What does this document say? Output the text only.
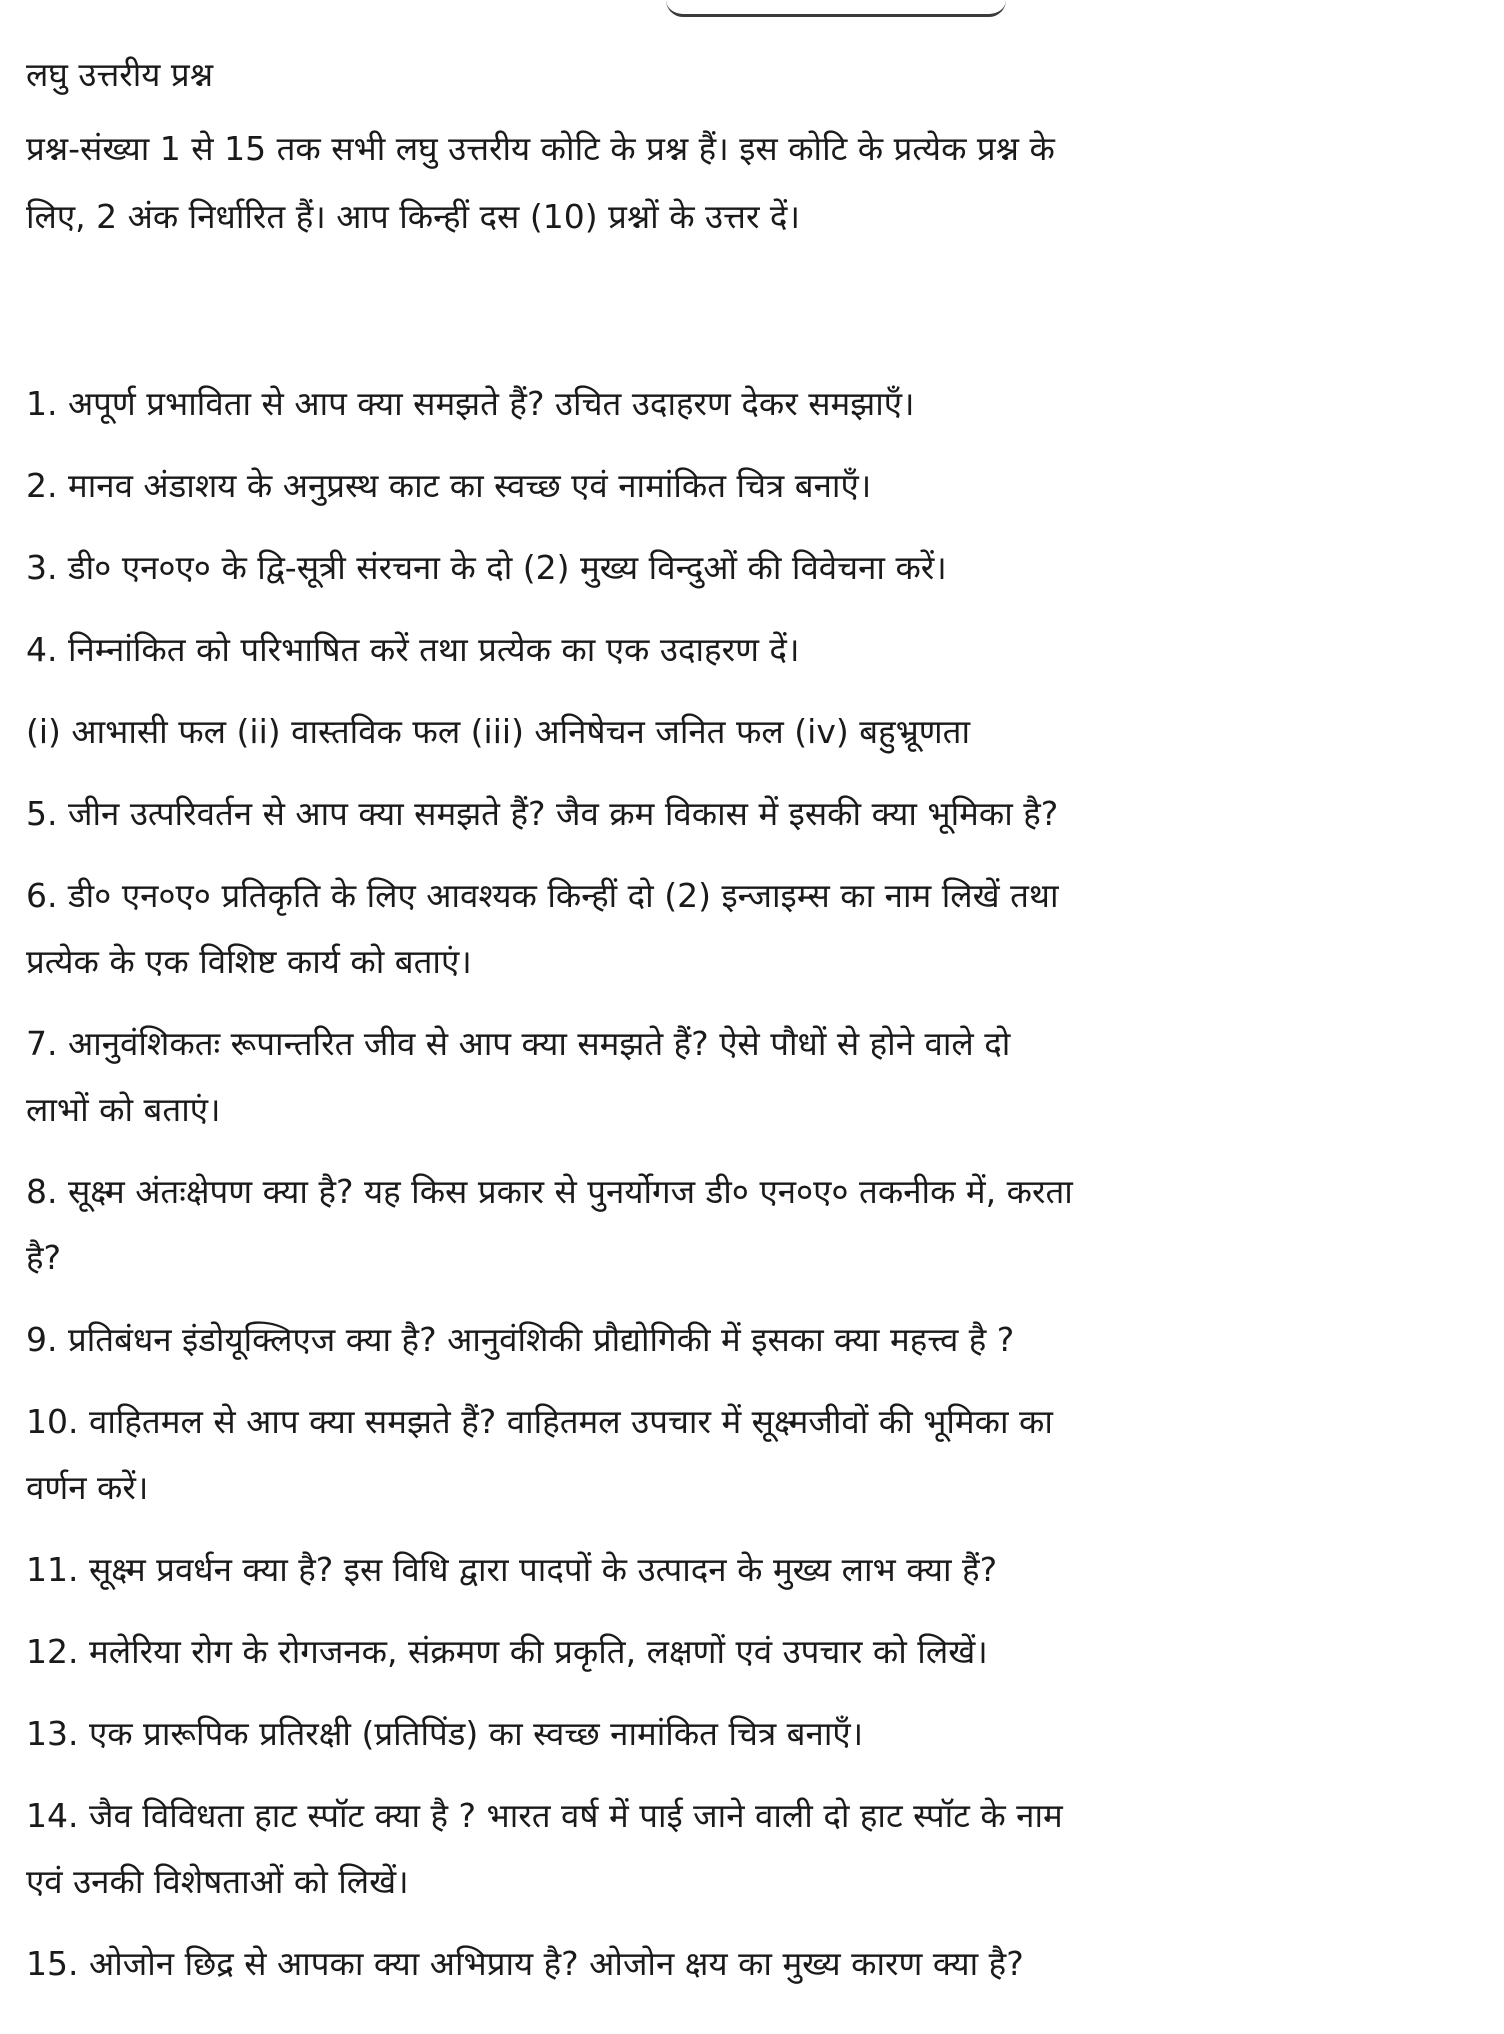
लघु उत्तरीय प्रश्न

प्रश्न-संख्या 1 से 15 तक सभी लघु उत्तरीय कोटि के प्रश्न हैं। इस कोटि के प्रत्येक प्रश्न के

लिए, 2 अंक निर्धारित हैं। आप किन्हीं दस (10) प्रश्नों के उत्तर दें।

1. अपूर्ण प्रभाविता से आप क्या समझते हैं? उचित उदाहरण देकर समझाएँ।

2. मानव अंडाशय के अनुप्रस्थ काट का स्वच्छ एवं नामांकित चित्र बनाएँ।

3. डी० एन०ए० के द्वि-सूत्री संरचना के दो (2) मुख्य विन्दुओं की विवेचना करें।

4. निम्नांकित को परिभाषित करें तथा प्रत्येक का एक उदाहरण दें।

(i) आभासी फल (ii) वास्तविक फल (iii) अनिषेचन जनित फल (iv) बहुभ्रूणता

5. जीन उत्परिवर्तन से आप क्या समझते हैं? जैव क्रम विकास में इसकी क्या भूमिका है?

6. डी० एन०ए० प्रतिकृति के लिए आवश्यक किन्हीं दो (2) इन्जाइम्स का नाम लिखें तथा

प्रत्येक के एक विशिष्ट कार्य को बताएं।

7. आनुवंशिकतः रूपान्तरित जीव से आप क्या समझते हैं? ऐसे पौधों से होने वाले दो

लाभों को बताएं।

8. सूक्ष्म अंतःक्षेपण क्या है? यह किस प्रकार से पुनर्योगज डी० एन०ए० तकनीक में, करता

है?

9. प्रतिबंधन इंडोयूक्लिएज क्या है? आनुवंशिकी प्रौद्योगिकी में इसका क्या महत्त्व है ?

10. वाहितमल से आप क्या समझते हैं? वाहितमल उपचार में सूक्ष्मजीवों की भूमिका का

वर्णन करें।

11. सूक्ष्म प्रवर्धन क्या है? इस विधि द्वारा पादपों के उत्पादन के मुख्य लाभ क्या हैं?

12. मलेरिया रोग के रोगजनक, संक्रमण की प्रकृति, लक्षणों एवं उपचार को लिखें।

13. एक प्रारूपिक प्रतिरक्षी (प्रतिपिंड) का स्वच्छ नामांकित चित्र बनाएँ।

14. जैव विविधता हाट स्पॉट क्या है ? भारत वर्ष में पाई जाने वाली दो हाट स्पॉट के नाम

एवं उनकी विशेषताओं को लिखें।

15. ओजोन छिद्र से आपका क्या अभिप्राय है? ओजोन क्षय का मुख्य कारण क्या है?
